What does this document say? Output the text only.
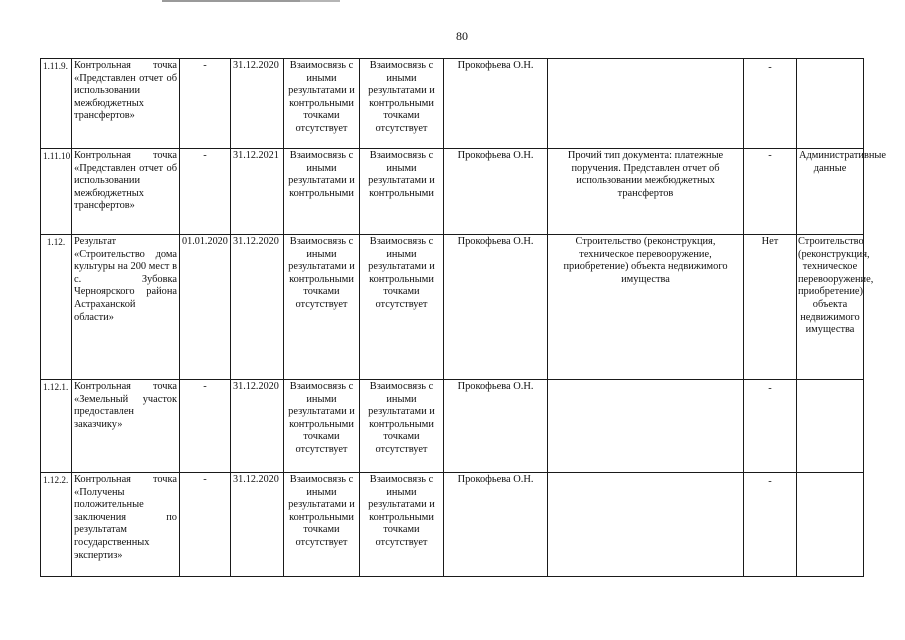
80
1.11.9.	Контрольная точка «Представлен отчет об использовании межбюджетных трансфертов»	-	31.12.2020	Взаимосвязь с иными результатами и контрольными точками отсутствует	Взаимосвязь с иными результатами и контрольными точками отсутствует	Прокофьева О.Н.		-	
1.11.10	Контрольная точка «Представлен отчет об использовании межбюджетных трансфертов»	-	31.12.2021	Взаимосвязь с иными результатами и контрольными	Взаимосвязь с иными результатами и контрольными	Прокофьева О.Н.	Прочий тип документа: платежные поручения. Представлен отчет об использовании межбюджетных трансфертов	-	Административные данные
1.12.	Результат «Строительство дома культуры на 200 мест в с. Зубовка Черноярского района Астраханской области»	01.01.2020	31.12.2020	Взаимосвязь с иными результатами и контрольными точками отсутствует	Взаимосвязь с иными результатами и контрольными точками отсутствует	Прокофьева О.Н.	Строительство (реконструкция, техническое перевооружение, приобретение) объекта недвижимого имущества	Нет	Строительство (реконструкция, техническое перевооружение, приобретение) объекта недвижимого имущества
1.12.1.	Контрольная точка «Земельный участок предоставлен заказчику»	-	31.12.2020	Взаимосвязь с иными результатами и контрольными точками отсутствует	Взаимосвязь с иными результатами и контрольными точками отсутствует	Прокофьева О.Н.		-	
1.12.2.	Контрольная точка «Получены положительные заключения по результатам государственных экспертиз»	-	31.12.2020	Взаимосвязь с иными результатами и контрольными точками отсутствует	Взаимосвязь с иными результатами и контрольными точками отсутствует	Прокофьева О.Н.		-	
